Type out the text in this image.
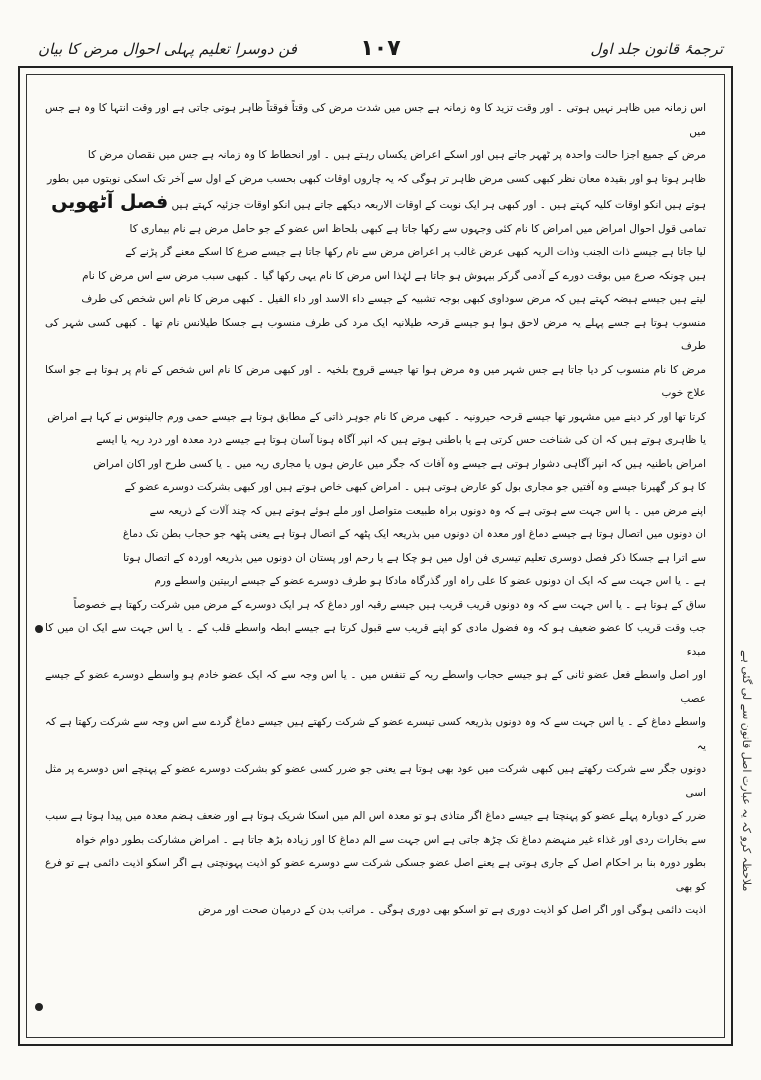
ترجمۂ قانون جلد اول
۱۰۷
فن دوسرا تعلیم پہلی احوال مرض کا بیان

اس زمانہ میں ظاہر نہیں ہوتی ۔ اور وقت تزید کا وہ زمانہ ہے جس میں شدت مرض کی وقتاً فوقتاً ظاہر ہوتی جاتی ہے اور وقت انتہا کا وہ ہے جس میں

مرض کے جمیع اجزا حالت واحدہ پر ٹھہر جاتے ہیں اور اسکے اعراض یکساں رہتے ہیں ۔ اور انحطاط کا وہ زمانہ ہے جس میں نقصان مرض کا

ظاہر ہوتا ہو اور بقیدہ معان نظر کبھی کسی مرض ظاہر تر ہوگی کہ یہ چاروں اوقات کبھی بحسب مرض کے اول سے آخر تک اسکی نوبتوں میں بطور

ہوتے ہیں انکو اوقات کلیہ کہتے ہیں ۔ اور کبھی ہر ایک نوبت کے اوقات الاربعہ دیکھے جاتے ہیں انکو اوقات جزئیہ کہتے ہیں فصل آٹھویں

تمامی قول احوال امراض میں امراض کا نام کئی وجہوں سے رکھا جاتا ہے کبھی بلحاظ اس عضو کے جو حامل مرض ہے نام بیماری کا

لیا جاتا ہے جیسے ذات الجنب وذات الریہ کبھی عرض غالب پر اعراض مرض سے نام رکھا جاتا ہے جیسے صرع کا اسکے معنے گر پڑنے کے

ہیں چونکہ صرع میں بوقت دورے کے آدمی گرکر بیہوش ہو جاتا ہے لہٰذا اس مرض کا نام یہی رکھا گیا ۔ کبھی سبب مرض سے اس مرض کا نام

لیتے ہیں جیسے ہیضہ کہتے ہیں کہ مرض سوداوی کبھی بوجہ تشبیہ کے جیسے داء الاسد اور داء الفیل ۔ کبھی مرض کا نام اس شخص کی طرف

منسوب ہوتا ہے جسے پہلے یہ مرض لاحق ہوا ہو جیسے قرحہ طیلانیہ ایک مرد کی طرف منسوب ہے جسکا طیلانس نام تھا ۔ کبھی کسی شہر کی طرف

مرض کا نام منسوب کر دیا جاتا ہے جس شہر میں وہ مرض ہوا تھا جیسے قروح بلخیہ ۔ اور کبھی مرض کا نام اس شخص کے نام پر ہوتا ہے جو اسکا علاج خوب

کرتا تھا اور کر دینے میں مشہور تھا جیسے قرحہ حیرونیہ ۔ کبھی مرض کا نام جوہر ذاتی کے مطابق ہوتا ہے جیسے حمی ورم جالینوس نے کہا ہے امراض

یا ظاہری ہوتے ہیں کہ ان کی شناخت حس کرتی ہے یا باطنی ہوتے ہیں کہ انپر آگاہ ہونا آسان ہوتا ہے جیسے درد معدہ اور درد ریہ یا ایسے

امراض باطنیہ ہیں کہ انپر آگاہی دشوار ہوتی ہے جیسے وہ آفات کہ جگر میں عارض ہوں یا مجاری ریہ میں ۔ یا کسی طرح اور اکان امراض

کا ہو کر گھیرنا جیسے وہ آفتیں جو مجاری بول کو عارض ہوتی ہیں ۔ امراض کبھی خاص ہوتے ہیں اور کبھی بشرکت دوسرے عضو کے

اپنے مرض میں ۔ یا اس جہت سے ہوتی ہے کہ وہ دونوں براہ طبیعت متواصل اور ملے ہوئے ہوتے ہیں کہ چند آلات کے ذریعہ سے

ان دونوں میں اتصال ہوتا ہے جیسے دماغ اور معدہ ان دونوں میں بذریعہ ایک پٹھہ کے اتصال ہوتا ہے یعنی پٹھہ جو حجاب بطن تک دماغ

سے اترا ہے جسکا ذکر فصل دوسری تعلیم تیسری فن اول میں ہو چکا ہے یا رحم اور پستان ان دونوں میں بذریعہ اوردہ کے اتصال ہوتا

ہے ۔ یا اس جہت سے کہ ایک ان دونوں عضو کا علی راہ اور گذرگاہ مادکا ہو طرف دوسرے عضو کے جیسے اربیتین واسطے ورم

ساق کے ہوتا ہے ۔ یا اس جہت سے کہ وہ دونوں قریب قریب ہیں جیسے رقبہ اور دماغ کہ ہر ایک دوسرے کے مرض میں شرکت رکھتا ہے خصوصاً

جب وقت قریب کا عضو ضعیف ہو کہ وہ فضول مادی کو اپنے قریب سے قبول کرتا ہے جیسے ابطہ واسطے قلب کے ۔ یا اس جہت سے ایک ان میں کا مبدء

اور اصل واسطے فعل عضو ثانی کے ہو جیسے حجاب واسطے ریہ کے تنفس میں ۔ یا اس وجہ سے کہ ایک عضو خادم ہو واسطے دوسرے عضو کے جیسے عصب

واسطے دماغ کے ۔ یا اس جہت سے کہ وہ دونوں بذریعہ کسی تیسرے عضو کے شرکت رکھتے ہیں جیسے دماغ گردے سے اس وجہ سے شرکت رکھتا ہے کہ یہ

دونوں جگر سے شرکت رکھتے ہیں کبھی شرکت میں عود بھی ہوتا ہے یعنی جو ضرر کسی عضو کو بشرکت دوسرے عضو کے پہنچے اس دوسرے پر مثل اسی

ضرر کے دوبارہ پہلے عضو کو پہنچتا ہے جیسے دماغ اگر متاذی ہو تو معدہ اس الم میں اسکا شریک ہوتا ہے اور ضعف ہضم معدہ میں پیدا ہوتا ہے سبب

سے بخارات ردی اور غذاء غیر منہضم دماغ تک چڑھ جاتی ہے اس جہت سے الم دماغ کا اور زیادہ بڑھ جاتا ہے ۔ امراض مشارکت بطور دوام خواہ

بطور دورہ بنا بر احکام اصل کے جاری ہوتی ہے یعنے اصل عضو جسکی شرکت سے دوسرے عضو کو اذیت پہونچتی ہے اگر اسکو اذیت دائمی ہے تو فرع کو بھی

اذیت دائمی ہوگی اور اگر اصل کو اذیت دوری ہے تو اسکو بھی دوری ہوگی ۔ مراتب بدن کے درمیان صحت اور مرض

ملاحظہ کرو کہ یہ عبارت اصل قانون سے لی گئی ہے
